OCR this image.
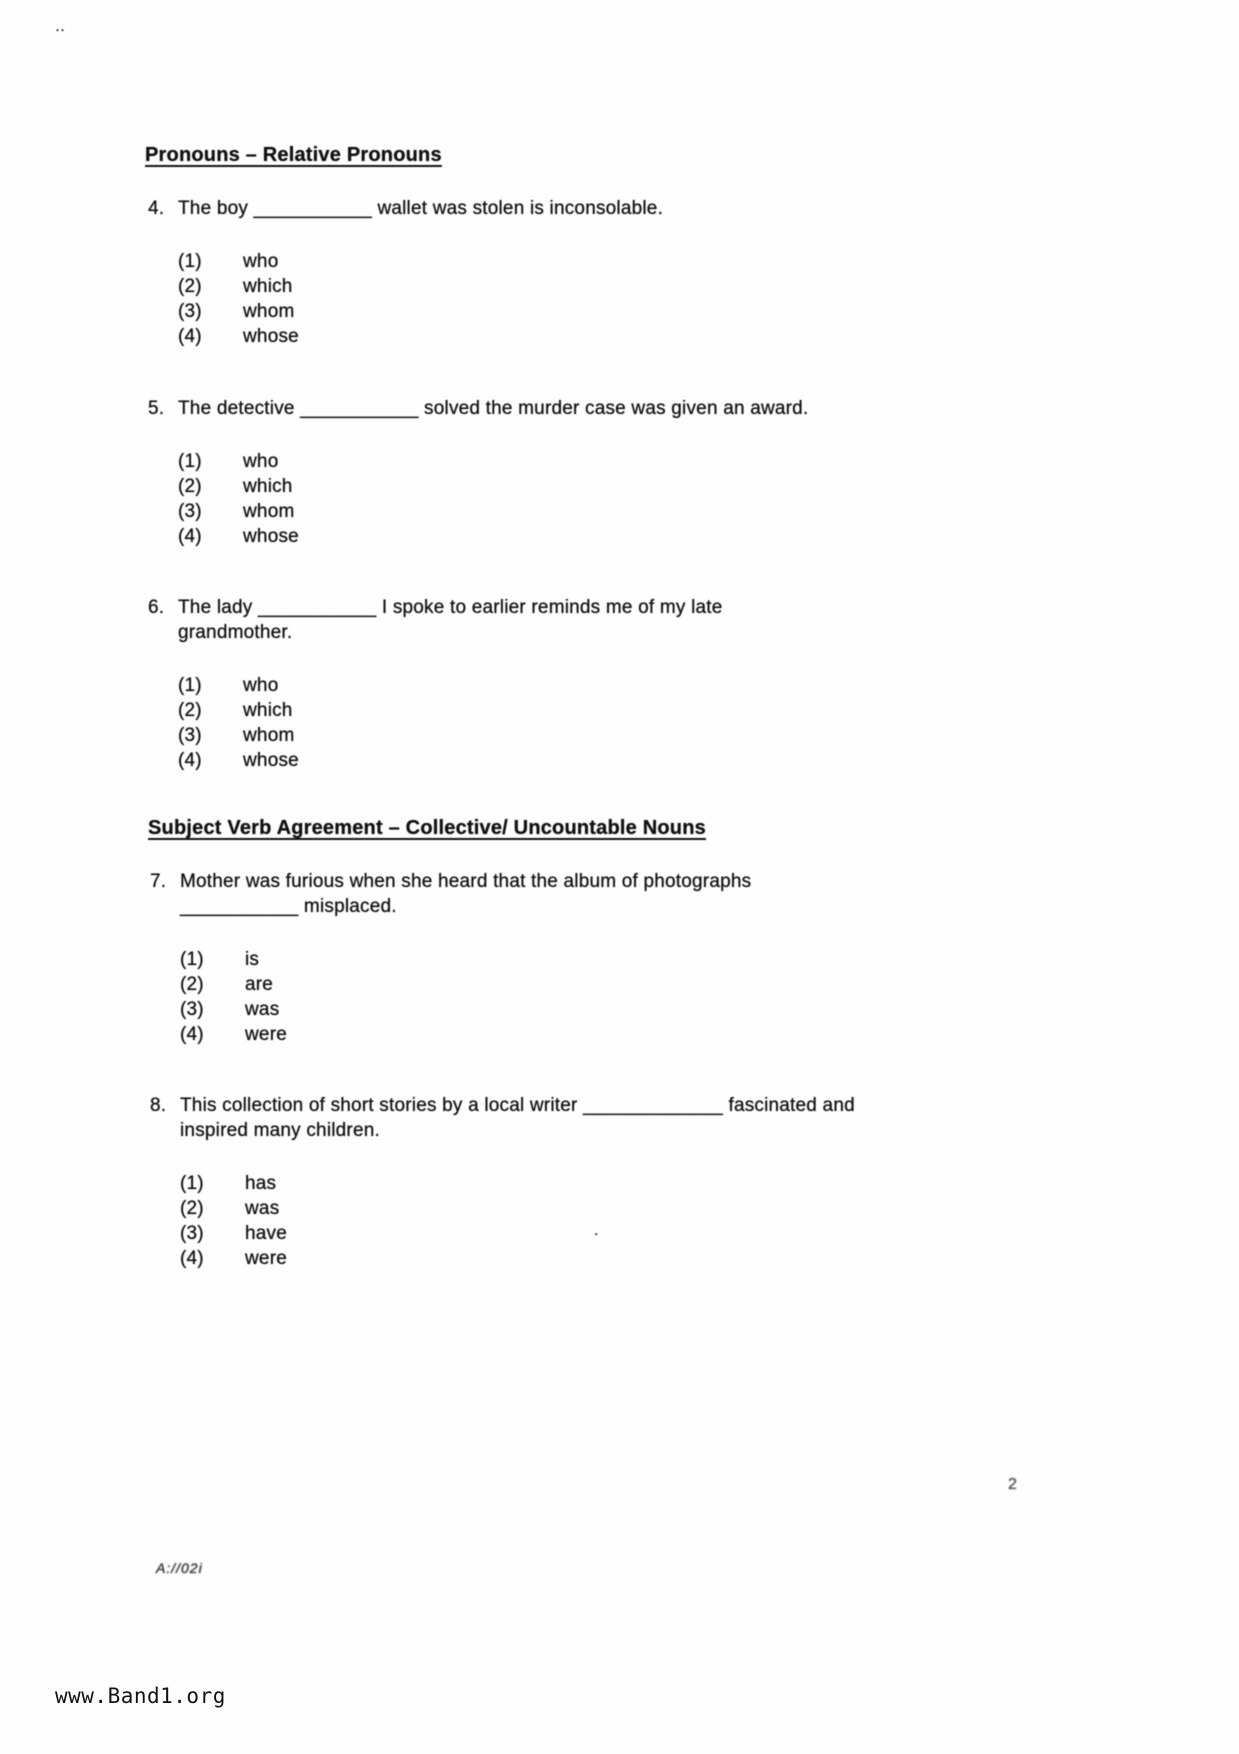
..
Pronouns – Relative Pronouns
4. The boy ___________ wallet was stolen is inconsolable.
(1)	who
(2)	which
(3)	whom
(4)	whose
5. The detective ___________ solved the murder case was given an award.
(1)	who
(2)	which
(3)	whom
(4)	whose
6. The lady ___________ I spoke to earlier reminds me of my late
grandmother.
(1)	who
(2)	which
(3)	whom
(4)	whose
Subject Verb Agreement – Collective/ Uncountable Nouns
7. Mother was furious when she heard that the album of photographs
___________ misplaced.
(1)	is
(2)	are
(3)	was
(4)	were
8. This collection of short stories by a local writer _____________ fascinated and
inspired many children.
(1)	has
(2)	was
(3)	have
(4)	were
.
2
A://02i
www.Band1.org
